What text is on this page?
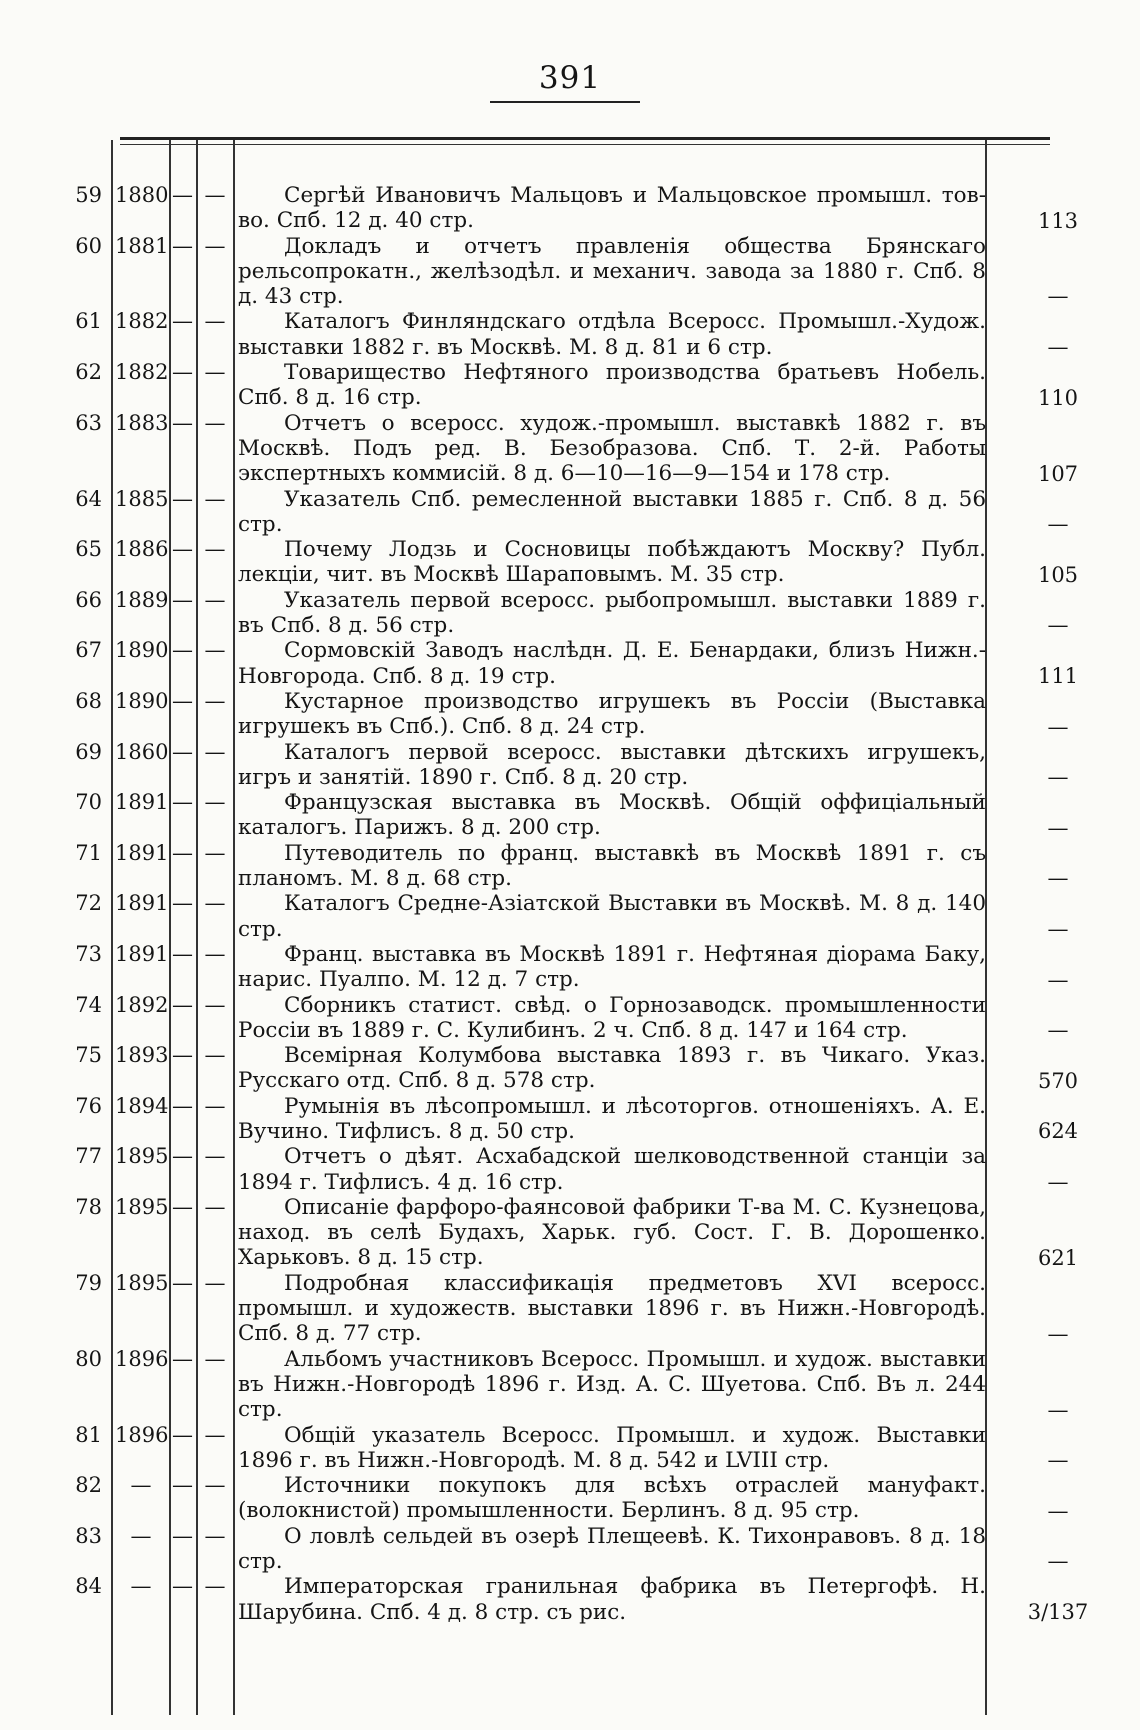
391
59 1880 — —	Сергѣй Ивановичъ Мальцовъ и Мальцовское промышл. тов-во. Спб. 12 д. 40 стр.	113
60 1881 — —	Докладъ и отчетъ правленія общества Брянскаго рельсопрокатн., желѣзодѣл. и механич. завода за 1880 г. Спб. 8 д. 43 стр.	—
61 1882 — —	Каталогъ Финляндскаго отдѣла Всеросс. Промышл.-Худож. выставки 1882 г. въ Москвѣ. М. 8 д. 81 и 6 стр.	—
62 1882 — —	Товарищество Нефтяного производства братьевъ Нобель. Спб. 8 д. 16 стр.	110
63 1883 — —	Отчетъ о всеросс. худож.-промышл. выставкѣ 1882 г. въ Москвѣ. Подъ ред. В. Безобразова. Спб. Т. 2-й. Работы экспертныхъ коммисій. 8 д. 6—10—16—9—154 и 178 стр.	107
64 1885 — —	Указатель Спб. ремесленной выставки 1885 г. Спб. 8 д. 56 стр.	—
65 1886 — —	Почему Лодзь и Сосновицы побѣждаютъ Москву? Публ. лекціи, чит. въ Москвѣ Шараповымъ. М. 35 стр.	105
66 1889 — —	Указатель первой всеросс. рыбопромышл. выставки 1889 г. въ Спб. 8 д. 56 стр.	—
67 1890 — —	Сормовскій Заводъ наслѣдн. Д. Е. Бенардаки, близъ Нижн.-Новгорода. Спб. 8 д. 19 стр.	111
68 1890 — —	Кустарное производство игрушекъ въ Россіи (Выставка игрушекъ въ Спб.). Спб. 8 д. 24 стр.	—
69 1860 — —	Каталогъ первой всеросс. выставки дѣтскихъ игрушекъ, игръ и занятій. 1890 г. Спб. 8 д. 20 стр.	—
70 1891 — —	Французская выставка въ Москвѣ. Общій оффиціальный каталогъ. Парижъ. 8 д. 200 стр.	—
71 1891 — —	Путеводитель по франц. выставкѣ въ Москвѣ 1891 г. съ планомъ. М. 8 д. 68 стр.	—
72 1891 — —	Каталогъ Средне-Азіатской Выставки въ Москвѣ. М. 8 д. 140 стр.	—
73 1891 — —	Франц. выставка въ Москвѣ 1891 г. Нефтяная діорама Баку, нарис. Пуалпо. М. 12 д. 7 стр.	—
74 1892 — —	Сборникъ статист. свѣд. о Горнозаводск. промышленности Россіи въ 1889 г. С. Кулибинъ. 2 ч. Спб. 8 д. 147 и 164 стр.	—
75 1893 — —	Всемірная Колумбова выставка 1893 г. въ Чикаго. Указ. Русскаго отд. Спб. 8 д. 578 стр.	570
76 1894 — —	Румынія въ лѣсопромышл. и лѣсоторгов. отношеніяхъ. А. Е. Вучино. Тифлисъ. 8 д. 50 стр.	624
77 1895 — —	Отчетъ о дѣят. Асхабадской шелководственной станціи за 1894 г. Тифлисъ. 4 д. 16 стр.	—
78 1895 — —	Описаніе фарфоро-фаянсовой фабрики Т-ва М. С. Кузнецова, наход. въ селѣ Будахъ, Харьк. губ. Сост. Г. В. Дорошенко. Харьковъ. 8 д. 15 стр.	621
79 1895 — —	Подробная классификація предметовъ XVI всеросс. промышл. и художеств. выставки 1896 г. въ Нижн.-Новгородѣ. Спб. 8 д. 77 стр.	—
80 1896 — —	Альбомъ участниковъ Всеросс. Промышл. и худож. выставки въ Нижн.-Новгородѣ 1896 г. Изд. А. С. Шуетова. Спб. Въ л. 244 стр.	—
81 1896 — —	Общій указатель Всеросс. Промышл. и худож. Выставки 1896 г. въ Нижн.-Новгородѣ. М. 8 д. 542 и LVIII стр.	—
82	— — —	Источники покупокъ для всѣхъ отраслей мануфакт. (волокнистой) промышленности. Берлинъ. 8 д. 95 стр.	—
83	— — —	О ловлѣ сельдей въ озерѣ Плещеевѣ. К. Тихонравовъ. 8 д. 18 стр.	—
84	— — —	Императорская гранильная фабрика въ Петергофѣ. Н. Шарубина. Спб. 4 д. 8 стр. съ рис.	3/137
